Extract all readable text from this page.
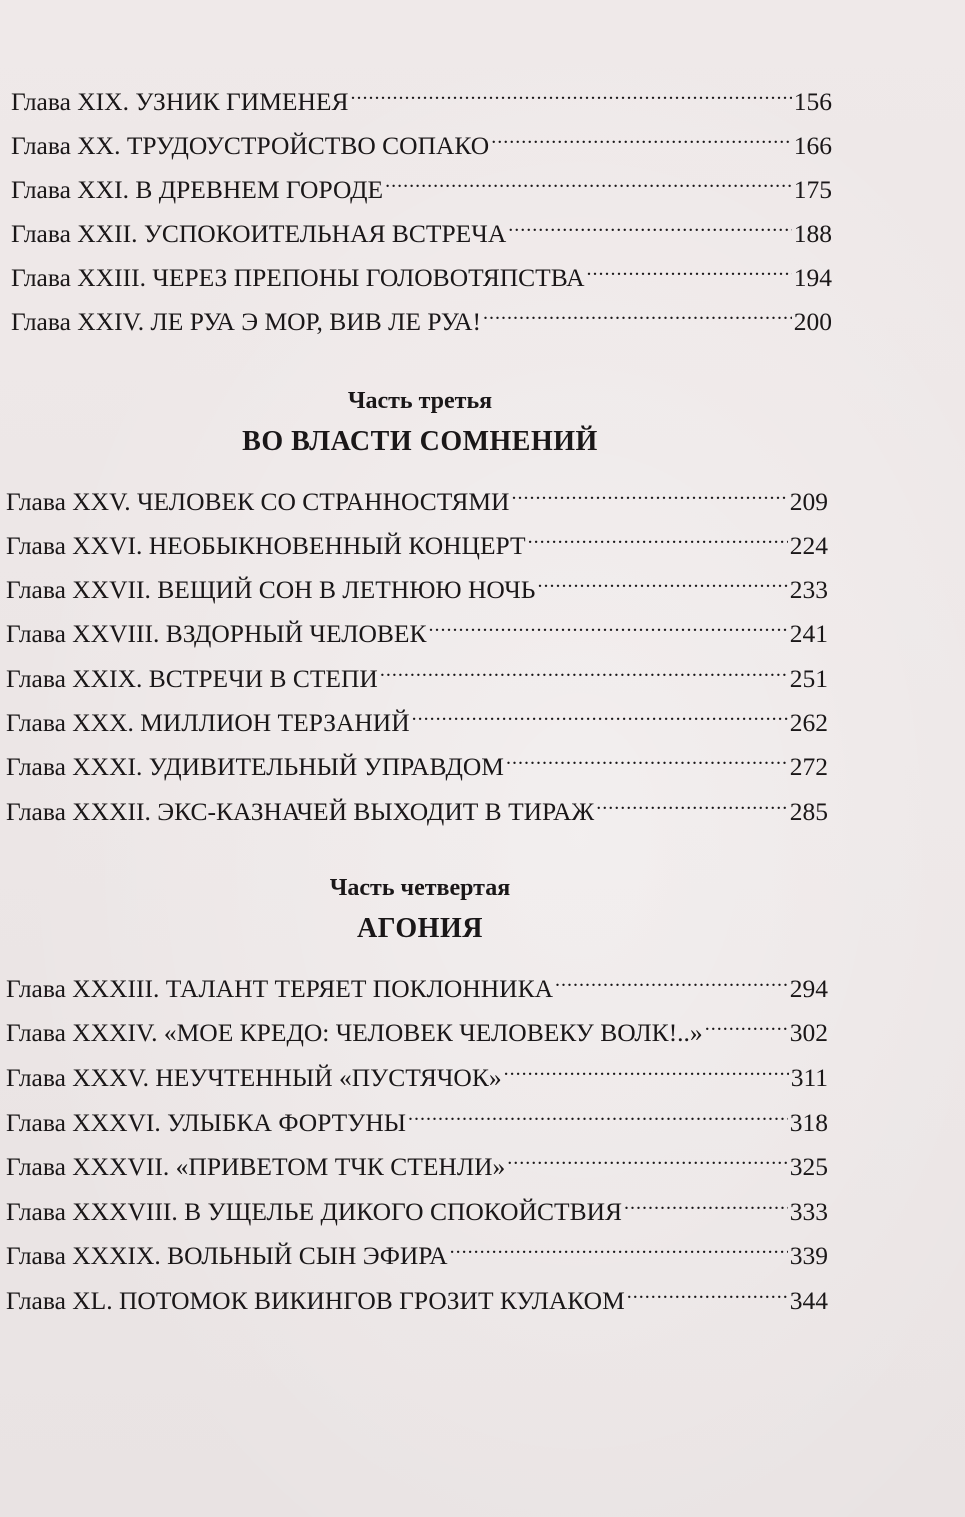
Глава XIX. УЗНИК ГИМЕНЕЯ .....	156
Глава XX. ТРУДОУСТРОЙСТВО СОПАКО .....	166
Глава XXI. В ДРЕВНЕМ ГОРОДЕ .....	175
Глава XXII. УСПОКОИТЕЛЬНАЯ ВСТРЕЧА .....	188
Глава XXIII. ЧЕРЕЗ ПРЕПОНЫ ГОЛОВОТЯПСТВА .....	194
Глава XXIV. ЛЕ РУА Э МОР, ВИВ ЛЕ РУА! .....	200
Часть третья
ВО ВЛАСТИ СОМНЕНИЙ
Глава XXV. ЧЕЛОВЕК СО СТРАННОСТЯМИ .....	209
Глава XXVI. НЕОБЫКНОВЕННЫЙ КОНЦЕРТ .....	224
Глава XXVII. ВЕЩИЙ СОН В ЛЕТНЮЮ НОЧЬ .....	233
Глава XXVIII. ВЗДОРНЫЙ ЧЕЛОВЕК .....	241
Глава XXIX. ВСТРЕЧИ В СТЕПИ .....	251
Глава XXX. МИЛЛИОН ТЕРЗАНИЙ .....	262
Глава XXXI. УДИВИТЕЛЬНЫЙ УПРАВДОМ .....	272
Глава XXXII. ЭКС-КАЗНАЧЕЙ ВЫХОДИТ В ТИРАЖ .....	285
Часть четвертая
АГОНИЯ
Глава XXXIII. ТАЛАНТ ТЕРЯЕТ ПОКЛОННИКА .....	294
Глава XXXIV. «МОЕ КРЕДО: ЧЕЛОВЕК ЧЕЛОВЕКУ ВОЛК!..» .....	302
Глава XXXV. НЕУЧТЕННЫЙ «ПУСТЯЧОК» .....	311
Глава XXXVI. УЛЫБКА ФОРТУНЫ .....	318
Глава XXXVII. «ПРИВЕТОМ ТЧК СТЕНЛИ» .....	325
Глава XXXVIII. В УЩЕЛЬЕ ДИКОГО СПОКОЙСТВИЯ .....	333
Глава XXXIX. ВОЛЬНЫЙ СЫН ЭФИРА .....	339
Глава XL. ПОТОМОК ВИКИНГОВ ГРОЗИТ КУЛАКОМ .....	344
